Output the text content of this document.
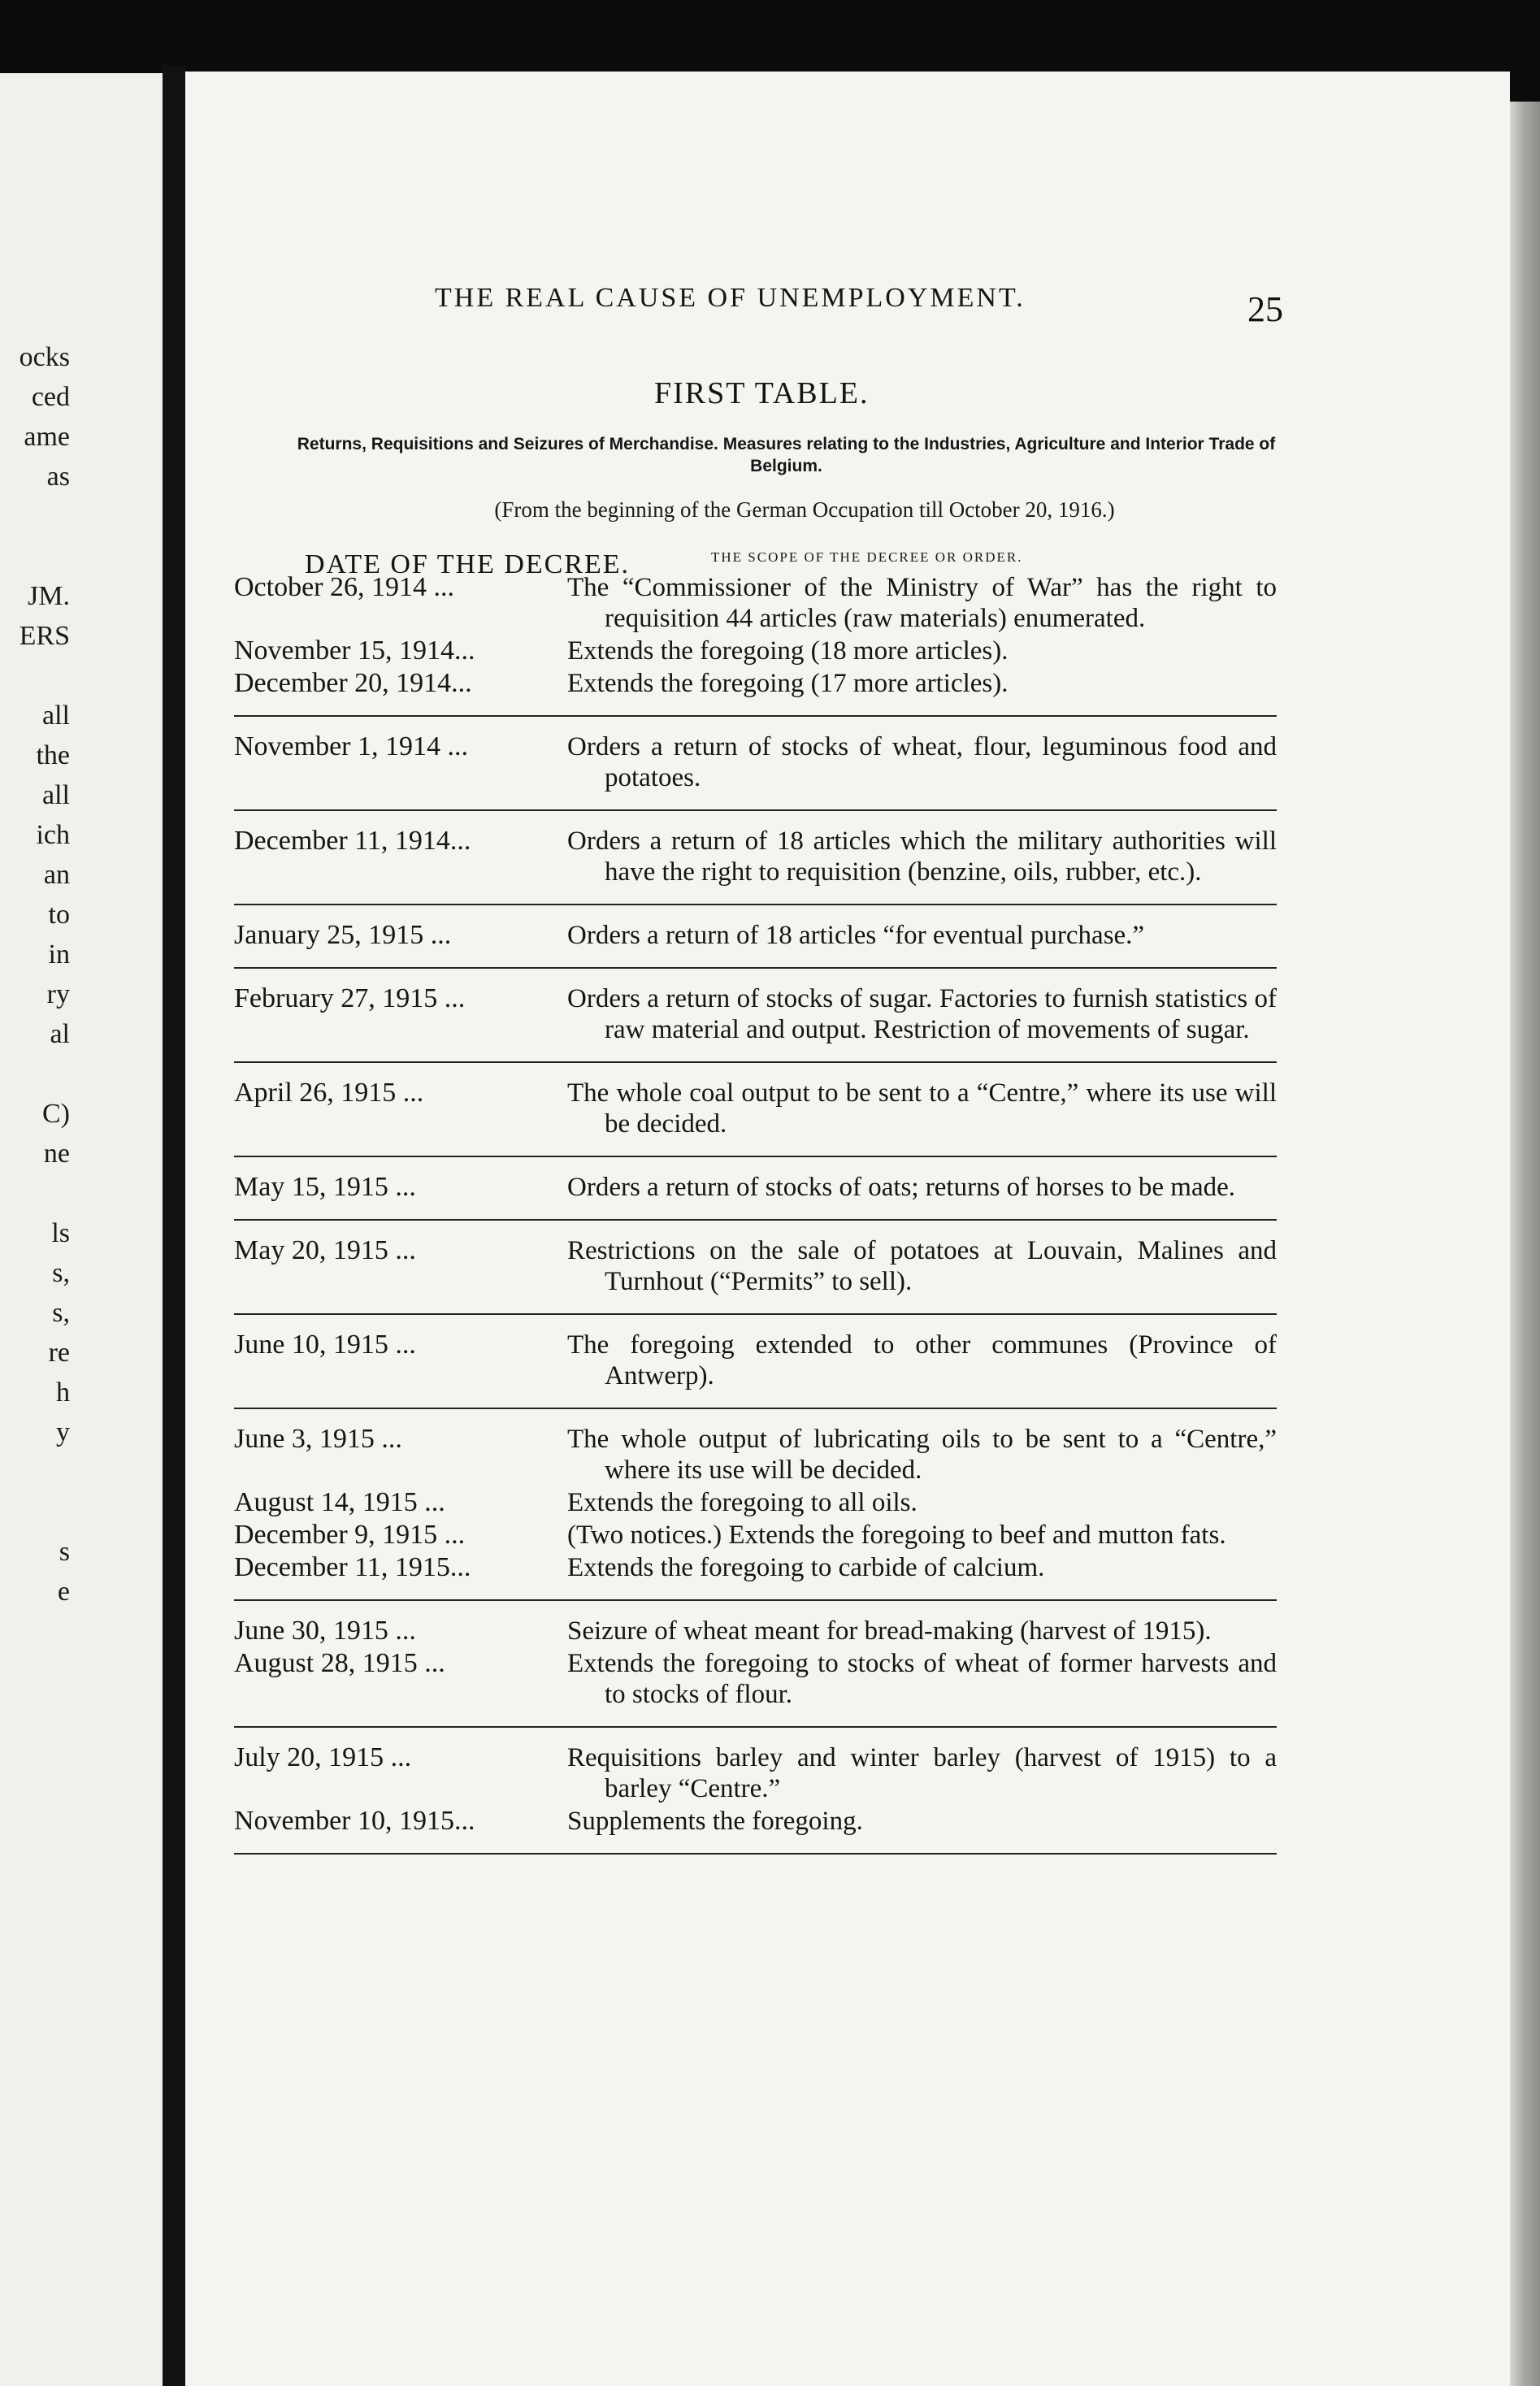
ocks
ced
ame
as
JM.
ERS
all
the
all
ich
an
to
in
ry
al
C)
ne
ls
s,
s,
re
h
y
s
e
THE REAL CAUSE OF UNEMPLOYMENT.	25
FIRST TABLE.
Returns, Requisitions and Seizures of Merchandise. Measures relating to the Industries, Agriculture and Interior Trade of Belgium.
(From the beginning of the German Occupation till October 20, 1916.)
DATE OF THE DECREE.	THE SCOPE OF THE DECREE OR ORDER.
October 26, 1914 ...	The “Commissioner of the Ministry of War” has the right to requisition 44 articles (raw materials) enumerated.
November 15, 1914...	Extends the foregoing (18 more articles).
December 20, 1914...	Extends the foregoing (17 more articles).
November 1, 1914 ...	Orders a return of stocks of wheat, flour, leguminous food and potatoes.
December 11, 1914...	Orders a return of 18 articles which the military authorities will have the right to requisition (benzine, oils, rubber, etc.).
January 25, 1915 ...	Orders a return of 18 articles “for eventual purchase.”
February 27, 1915 ...	Orders a return of stocks of sugar. Factories to furnish statistics of raw material and output. Restriction of movements of sugar.
April 26, 1915 ...	The whole coal output to be sent to a “Centre,” where its use will be decided.
May 15, 1915 ...	Orders a return of stocks of oats; returns of horses to be made.
May 20, 1915 ...	Restrictions on the sale of potatoes at Louvain, Malines and Turnhout (“Permits” to sell).
June 10, 1915 ...	The foregoing extended to other communes (Province of Antwerp).
June 3, 1915 ...	The whole output of lubricating oils to be sent to a “Centre,” where its use will be decided.
August 14, 1915 ...	Extends the foregoing to all oils.
December 9, 1915 ...	(Two notices.) Extends the foregoing to beef and mutton fats.
December 11, 1915...	Extends the foregoing to carbide of calcium.
June 30, 1915 ...	Seizure of wheat meant for bread-making (harvest of 1915).
August 28, 1915 ...	Extends the foregoing to stocks of wheat of former harvests and to stocks of flour.
July 20, 1915 ...	Requisitions barley and winter barley (harvest of 1915) to a barley “Centre.”
November 10, 1915...	Supplements the foregoing.
